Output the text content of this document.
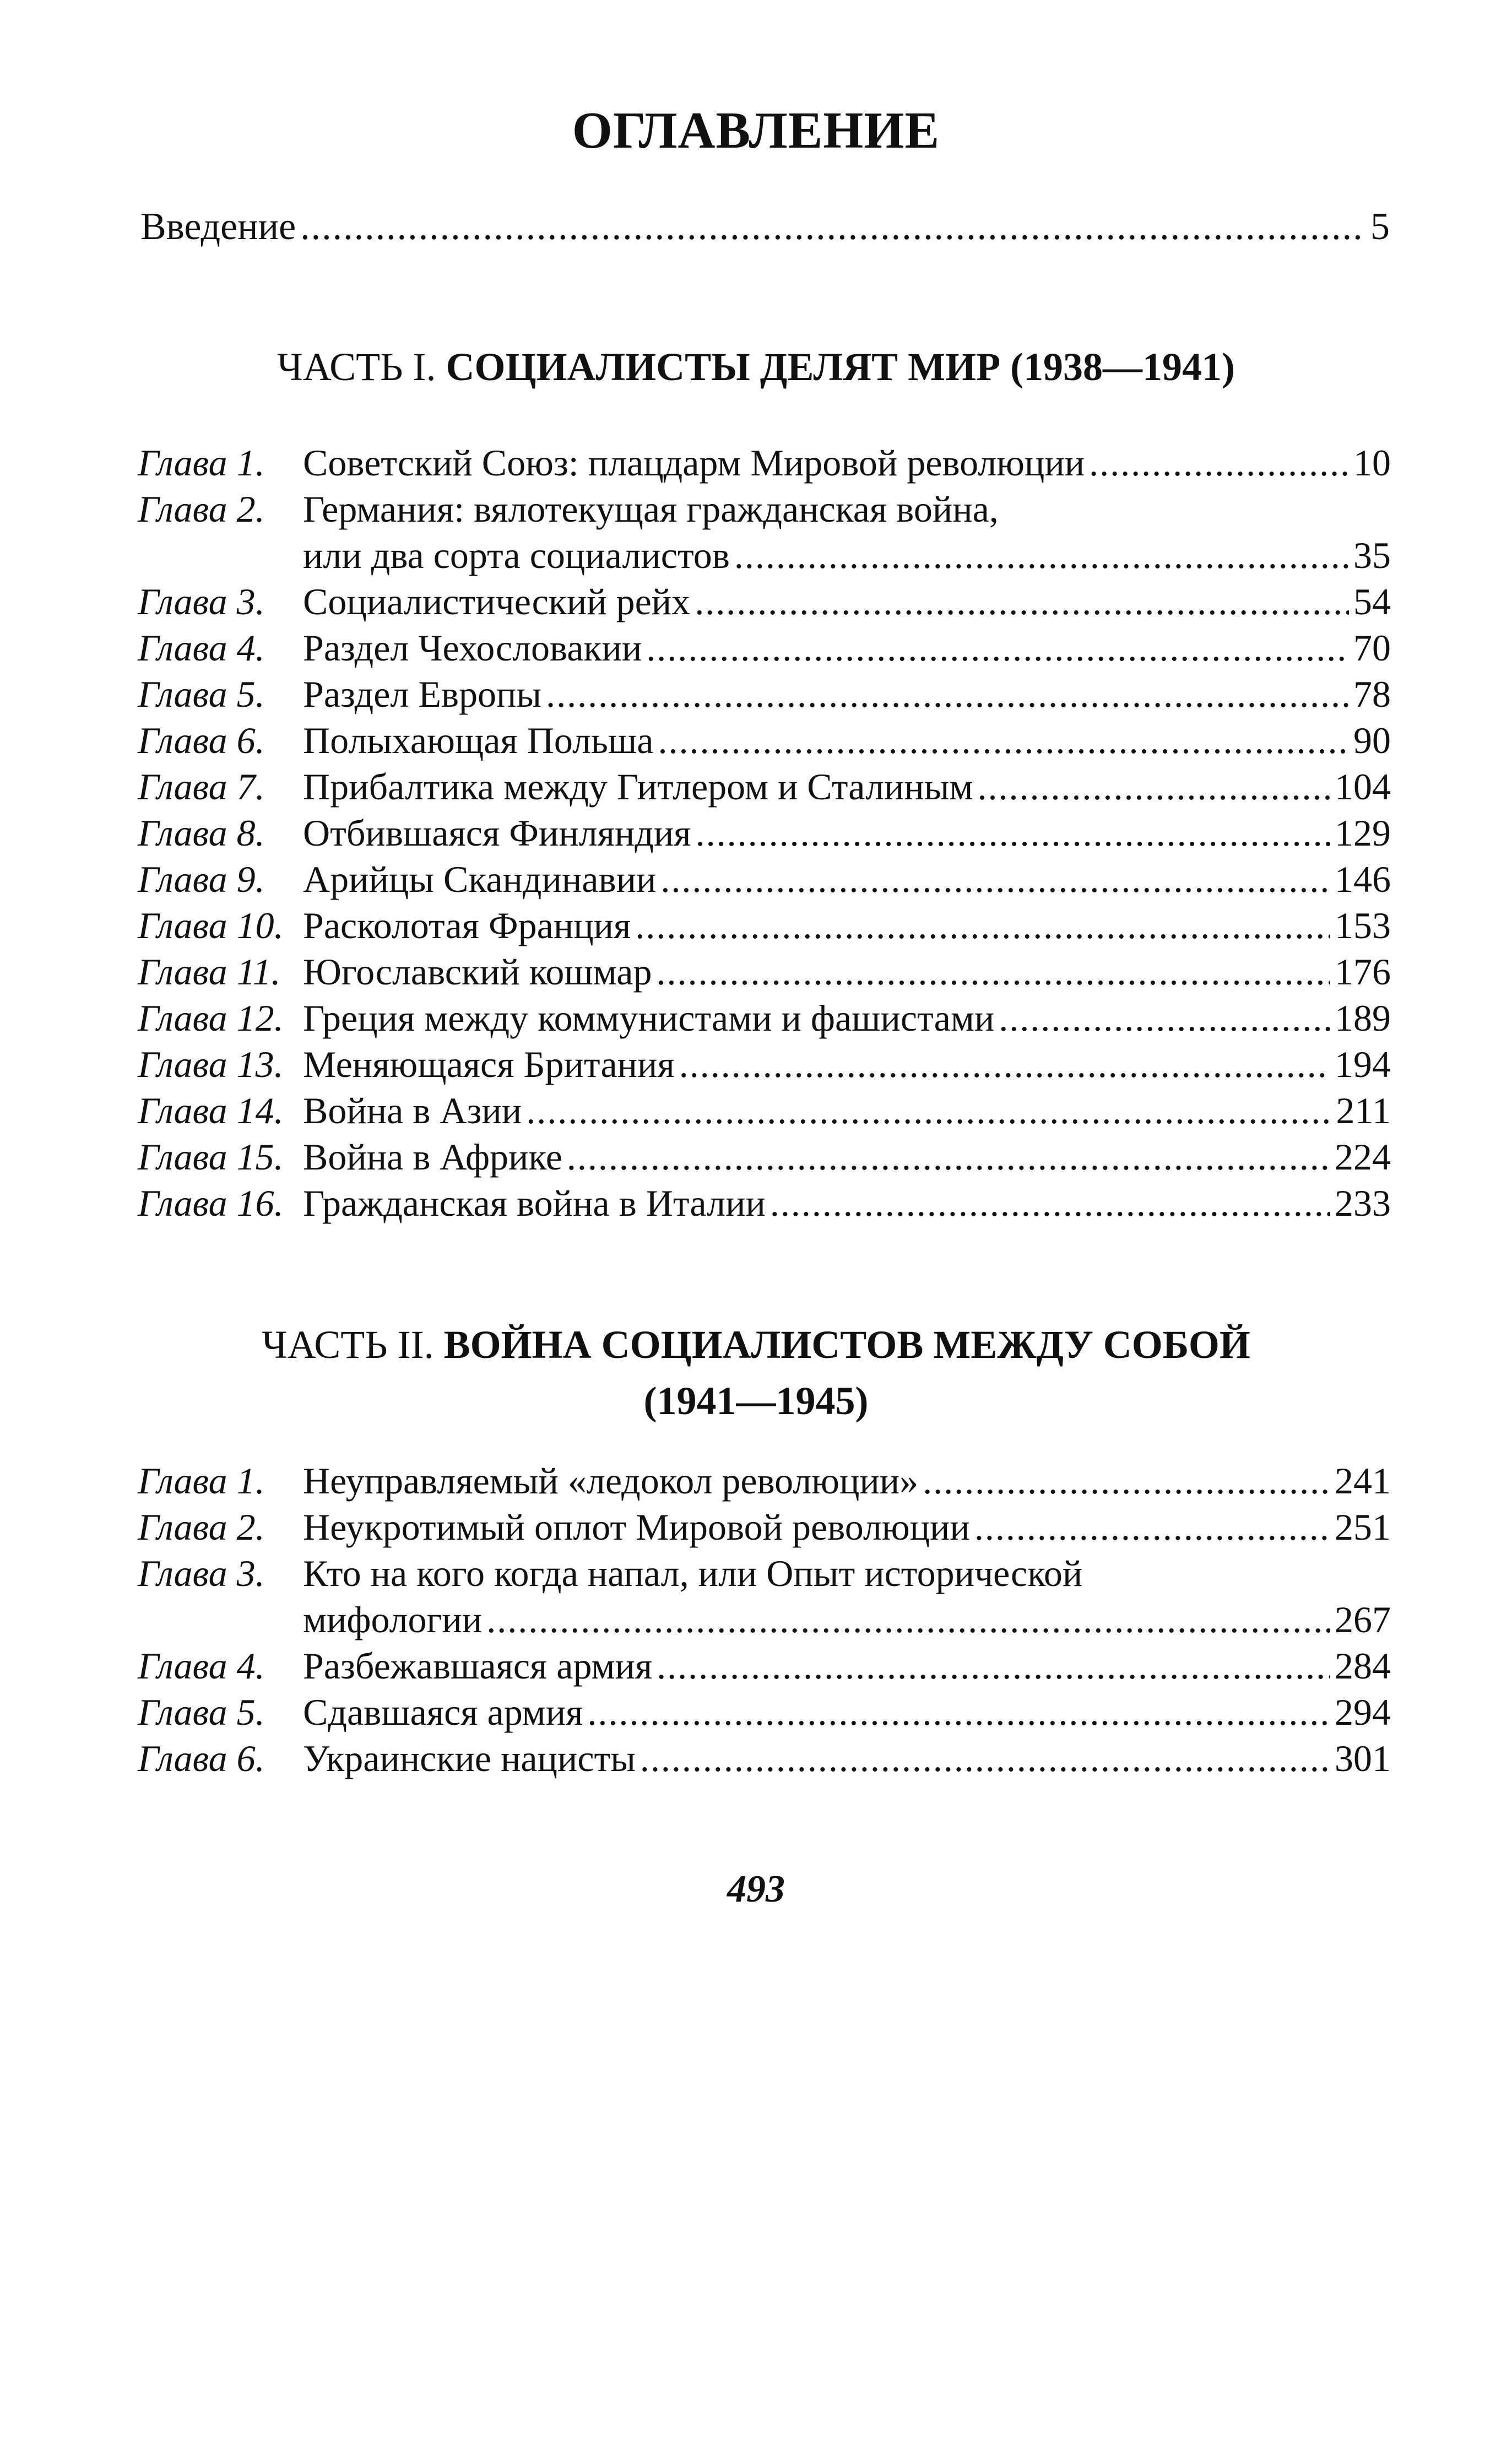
ОГЛАВЛЕНИЕ
Введение .....	5
ЧАСТЬ I. СОЦИАЛИСТЫ ДЕЛЯТ МИР (1938—1941)
Глава 1.	Советский Союз: плацдарм Мировой революции .....	10
Глава 2.	Германия: вялотекущая гражданская война,
или два сорта социалистов .....	35
Глава 3.	Социалистический рейх .....	54
Глава 4.	Раздел Чехословакии .....	70
Глава 5.	Раздел Европы .....	78
Глава 6.	Полыхающая Польша .....	90
Глава 7.	Прибалтика между Гитлером и Сталиным .....	104
Глава 8.	Отбившаяся Финляндия .....	129
Глава 9.	Арийцы Скандинавии .....	146
Глава 10. Расколотая Франция .....	153
Глава 11. Югославский кошмар .....	176
Глава 12. Греция между коммунистами и фашистами .....	189
Глава 13. Меняющаяся Британия .....	194
Глава 14. Война в Азии .....	211
Глава 15. Война в Африке .....	224
Глава 16. Гражданская война в Италии .....	233
ЧАСТЬ II. ВОЙНА СОЦИАЛИСТОВ МЕЖДУ СОБОЙ
(1941—1945)
Глава 1.	Неуправляемый «ледокол революции» .....	241
Глава 2.	Неукротимый оплот Мировой революции .....	251
Глава 3.	Кто на кого когда напал, или Опыт исторической
мифологии .....	267
Глава 4.	Разбежавшаяся армия .....	284
Глава 5.	Сдавшаяся армия .....	294
Глава 6.	Украинские нацисты .....	301
493
